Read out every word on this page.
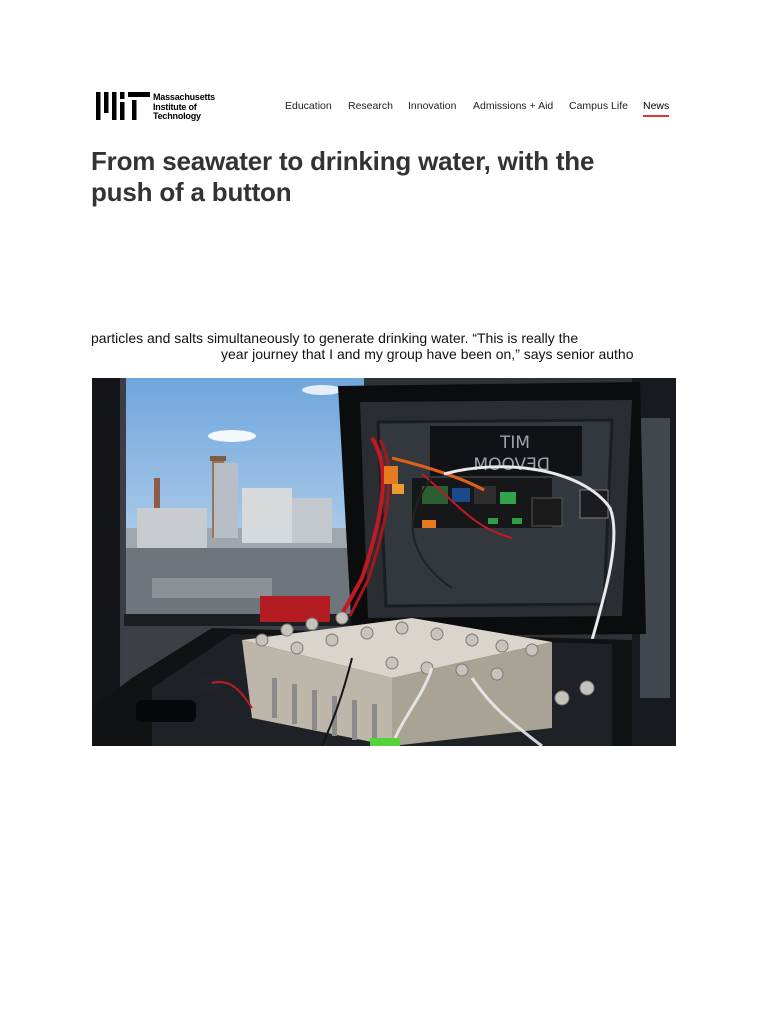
Massachusetts
Institute of
Technology
Education Research Innovation Admissions + Aid Campus Life News
From seawater to drinking water, with the push of a button
particles and salts simultaneously to generate drinking water. “This is really the
year journey that I and my group have been on,” says senior autho
MIT
DEVOOM
